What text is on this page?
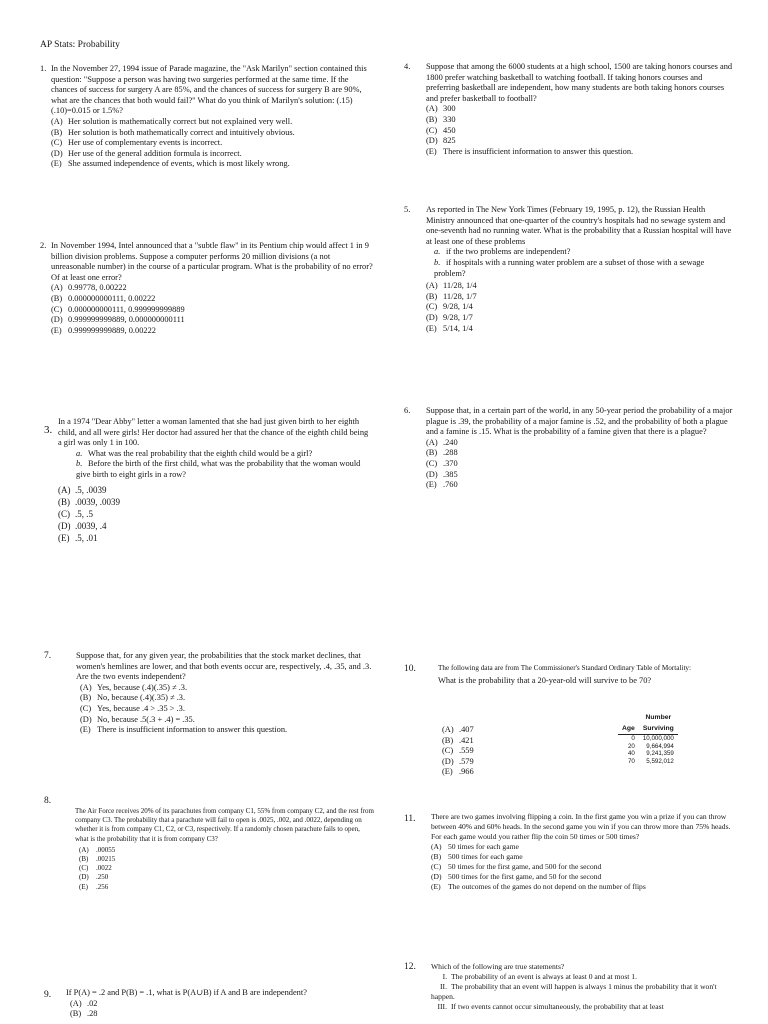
AP Stats: Probability
1. In the November 27, 1994 issue of Parade magazine, the "Ask Marilyn" section contained this question: "Suppose a person was having two surgeries performed at the same time. If the chances of success for surgery A are 85%, and the chances of success for surgery B are 90%, what are the chances that both would fail?" What do you think of Marilyn's solution: (.15)(.10)=0.015 or 1.5%?

(A) Her solution is mathematically correct but not explained very well.
(B) Her solution is both mathematically correct and intuitively obvious.
(C) Her use of complementary events is incorrect.
(D) Her use of the general addition formula is incorrect.
(E) She assumed independence of events, which is most likely wrong.
2. In November 1994, Intel announced that a "subtle flaw" in its Pentium chip would affect 1 in 9 billion division problems. Suppose a computer performs 20 million divisions (a not unreasonable number) in the course of a particular program. What is the probability of no error? Of at least one error?

(A) 0.99778, 0.00222
(B) 0.000000000111, 0.00222
(C) 0.000000000111, 0.999999999889
(D) 0.999999999889, 0.000000000111
(E) 0.999999999889, 0.00222
3.

In a 1974 "Dear Abby" letter a woman lamented that she had just given birth to her eighth child, and all were girls! Her doctor had assured her that the chance of the eighth child being a girl was only 1 in 100.

a. What was the real probability that the eighth child would be a girl?
b. Before the birth of the first child, what was the probability that the woman would give birth to eight girls in a row?
(A) .5, .0039
(B) .0039, .0039
(C) .5, .5
(D) .0039, .4
(E) .5, .01
4. Suppose that among the 6000 students at a high school, 1500 are taking honors courses and 1800 prefer watching basketball to watching football. If taking honors courses and preferring basketball are independent, how many students are both taking honors courses and prefer basketball to football?

(A) 300
(B) 330
(C) 450
(D) 825
(E) There is insufficient information to answer this question.
5. As reported in The New York Times (February 19, 1995, p. 12), the Russian Health Ministry announced that one-quarter of the country's hospitals had no sewage system and one-seventh had no running water. What is the probability that a Russian hospital will have at least one of these problems

a. if the two problems are independent?
b. if hospitals with a running water problem are a subset of those with a sewage problem?
(A) 11/28, 1/4
(B) 11/28, 1/7
(C) 9/28, 1/4
(D) 9/28, 1/7
(E) 5/14, 1/4
6. Suppose that, in a certain part of the world, in any 50-year period the probability of a major plague is .39, the probability of a major famine is .52, and the probability of both a plague and a famine is .15. What is the probability of a famine given that there is a plague?

(A) .240
(B) .288
(C) .370
(D) .385
(E) .760
7.	Suppose that, for any given year, the probabilities that the stock market declines, that women's hemlines are lower, and that both events occur are, respectively, .4, .35, and .3. Are the two events independent?

(A) Yes, because (.4)(.35) ≠ .3.
(B) No, because (.4)(.35) ≠ .3.
(C) Yes, because .4 > .35 > .3.
(D) No, because .5(.3 + .4) = .35.
(E) There is insufficient information to answer this question.
8.

The Air Force receives 20% of its parachutes from company C1, 55% from company C2, and the rest from company C3. The probability that a parachute will fail to open is .0025, .002, and .0022, depending on whether it is from company C1, C2, or C3, respectively. If a randomly chosen parachute fails to open, what is the probability that it is from company C3?

(A) .00055
(B) .00215
(C) .0022
(D) .250
(E) .256
9. If P(A) = .2 and P(B) = .1, what is P(A∪B) if A and B are independent?

(A) .02
(B) .28
10.	The following data are from The Commissioner's Standard Ordinary Table of Mortality:

What is the probability that a 20-year-old will survive to be 70?

(A) .407
(B) .421
(C) .559
(D) .579
(E) .966
	Number
Age	Surviving
0	10,000,000
20	9,664,994
40	9,241,359
70	5,592,012
11. There are two games involving flipping a coin. In the first game you win a prize if you can throw between 40% and 60% heads. In the second game you win if you can throw more than 75% heads. For each game would you rather flip the coin 50 times or 500 times?

(A) 50 times for each game
(B) 500 times for each game
(C) 50 times for the first game, and 500 for the second
(D) 500 times for the first game, and 50 for the second
(E) The outcomes of the games do not depend on the number of flips
12. Which of the following are true statements?

I. The probability of an event is always at least 0 and at most 1.
II. The probability that an event will happen is always 1 minus the probability that it won't happen.
III. If two events cannot occur simultaneously, the probability that at least
